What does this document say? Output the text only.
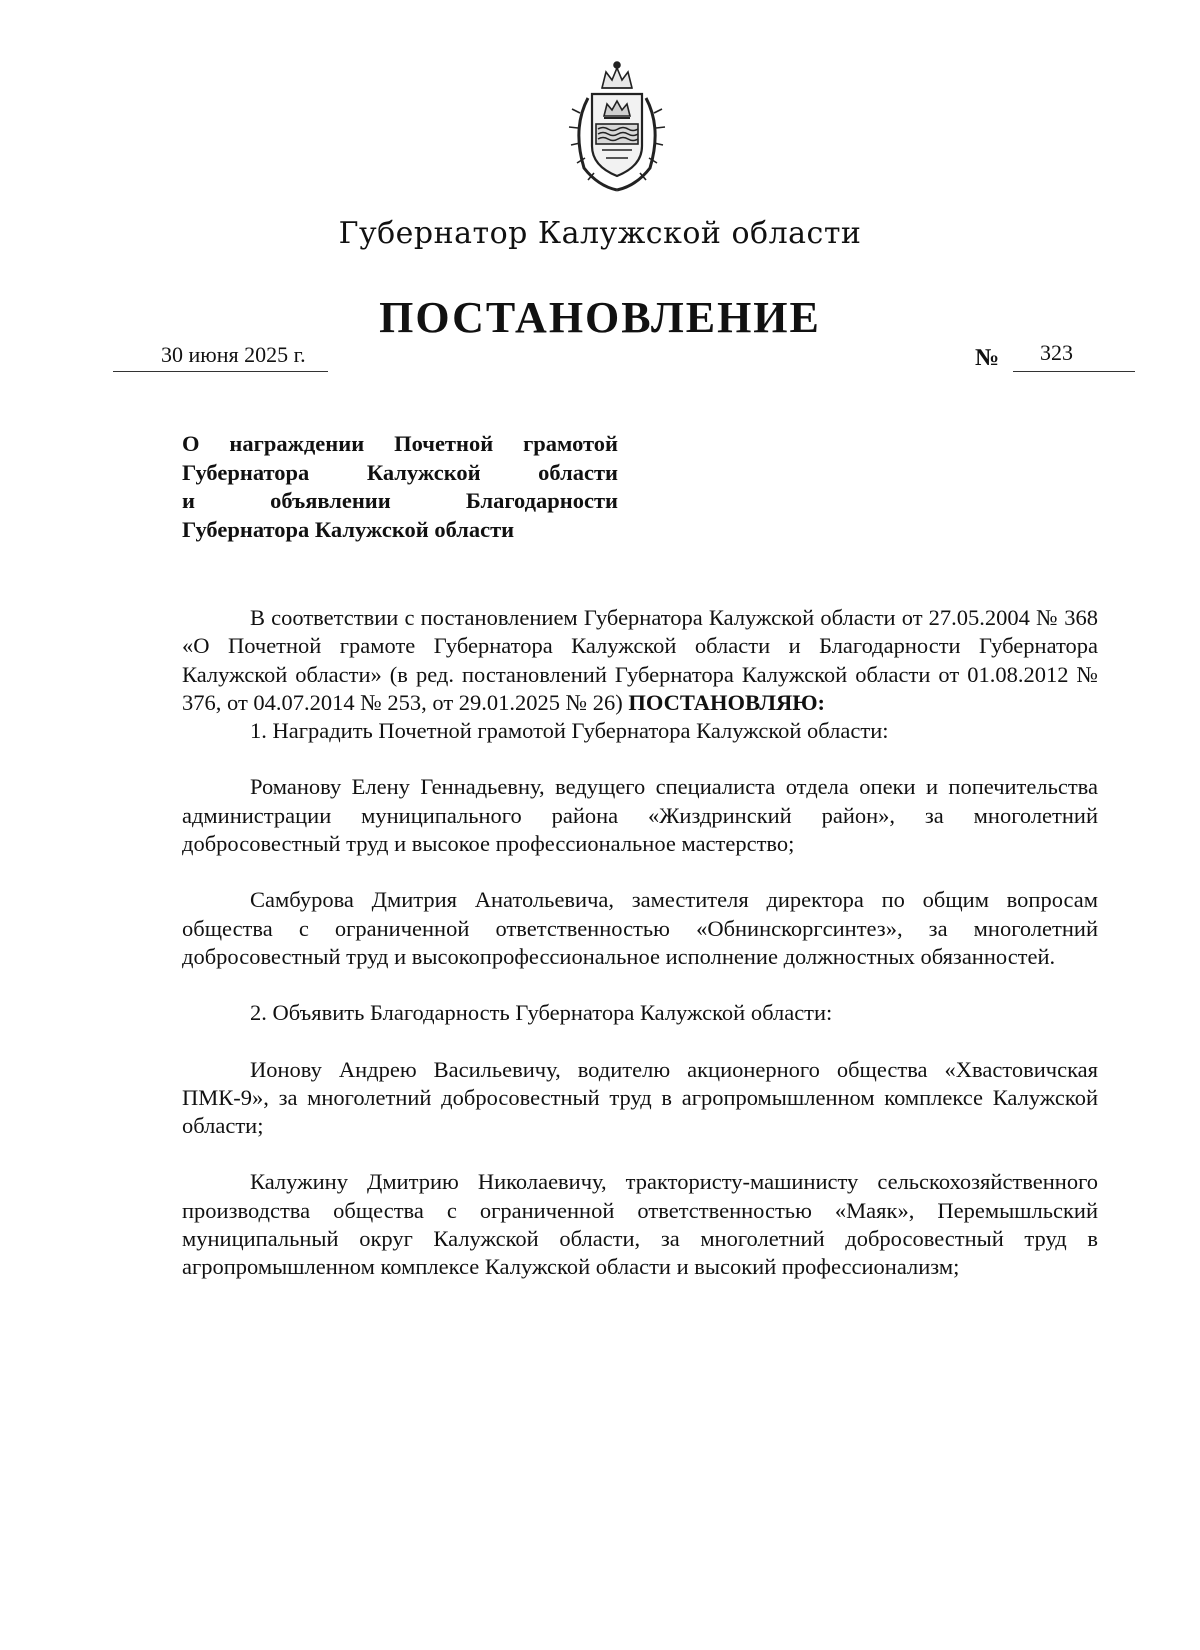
Губернатор Калужской области
ПОСТАНОВЛЕНИЕ
30 июня 2025 г.	№ 323
О награждении Почетной грамотой
Губернатора Калужской области
и объявлении Благодарности
Губернатора Калужской области

В соответствии с постановлением Губернатора Калужской области от 27.05.2004 № 368 «О Почетной грамоте Губернатора Калужской области и Благодарности Губернатора Калужской области» (в ред. постановлений Губернатора Калужской области от 01.08.2012 № 376, от 04.07.2014 № 253, от 29.01.2025 № 26) ПОСТАНОВЛЯЮ:

1. Наградить Почетной грамотой Губернатора Калужской области:

Романову Елену Геннадьевну, ведущего специалиста отдела опеки и попечительства администрации муниципального района «Жиздринский район», за многолетний добросовестный труд и высокое профессиональное мастерство;

Самбурова Дмитрия Анатольевича, заместителя директора по общим вопросам общества с ограниченной ответственностью «Обнинскоргсинтез», за многолетний добросовестный труд и высокопрофессиональное исполнение должностных обязанностей.

2. Объявить Благодарность Губернатора Калужской области:

Ионову Андрею Васильевичу, водителю акционерного общества «Хвастовичская ПМК-9», за многолетний добросовестный труд в агропромышленном комплексе Калужской области;

Калужину Дмитрию Николаевичу, трактористу-машинисту сельскохозяйственного производства общества с ограниченной ответственностью «Маяк», Перемышльский муниципальный округ Калужской области, за многолетний добросовестный труд в агропромышленном комплексе Калужской области и высокий профессионализм;
